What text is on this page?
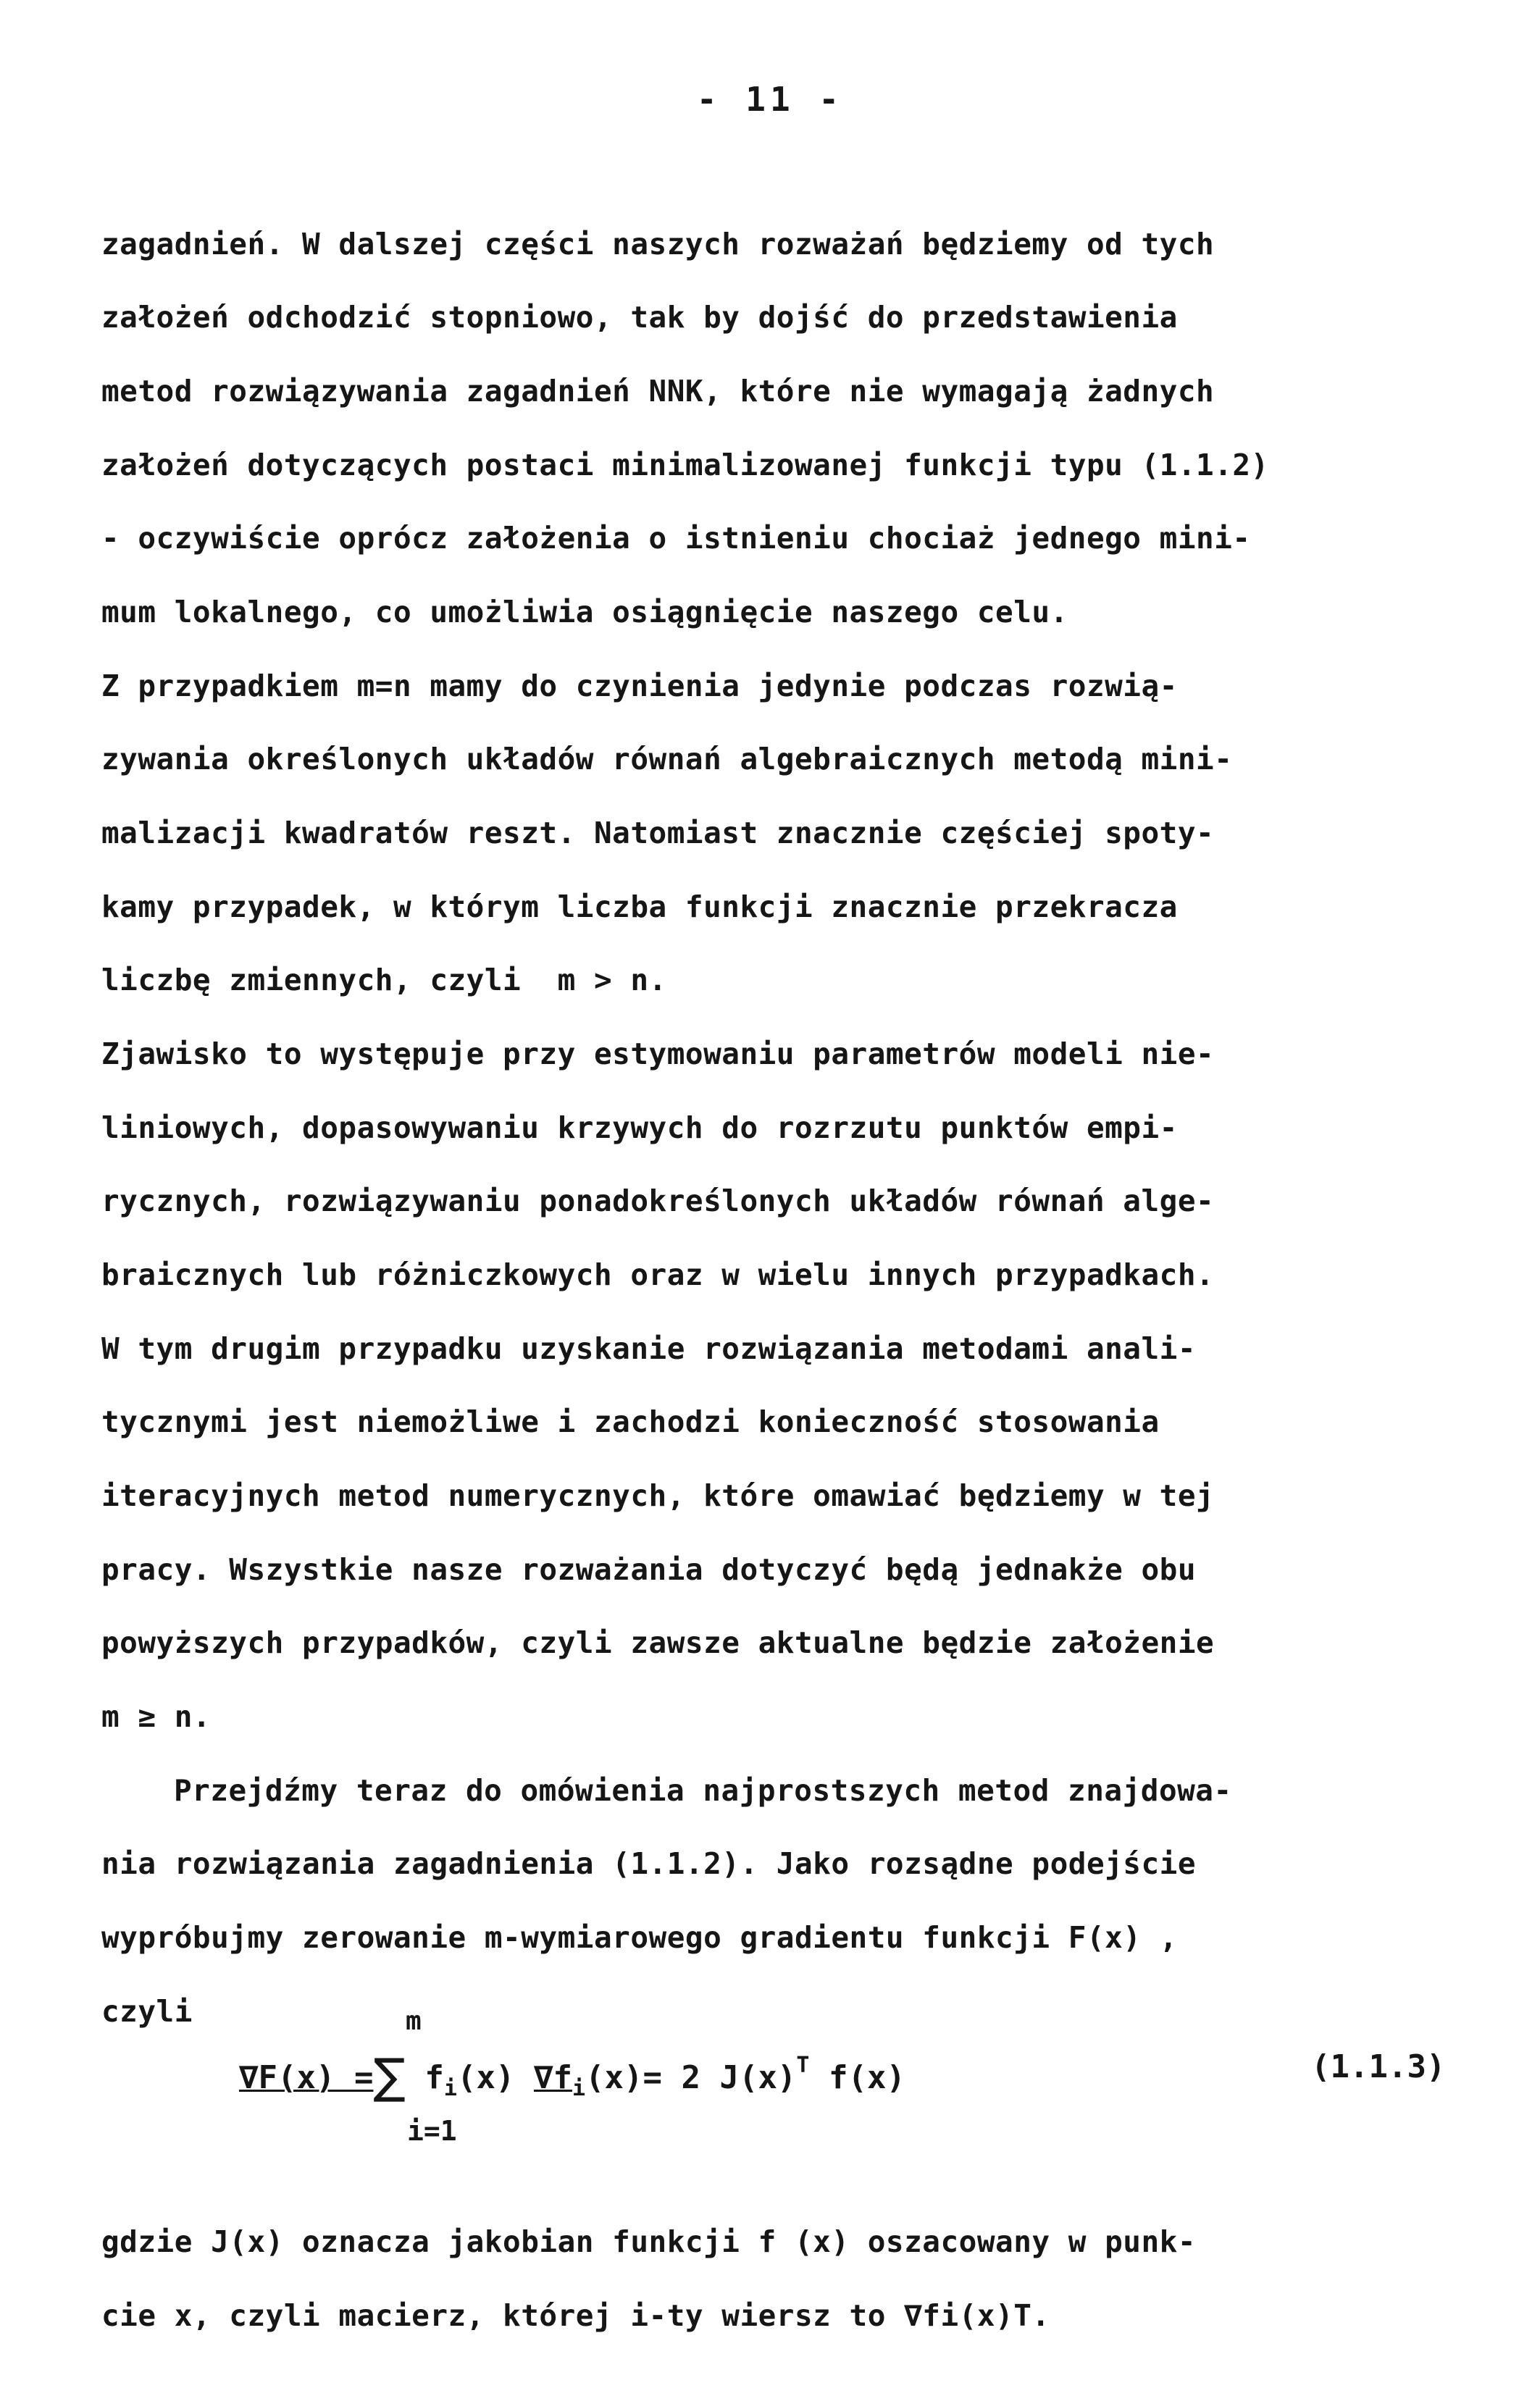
- 11 -
zagadnień. W dalszej części naszych rozważań będziemy od tych
założeń odchodzić stopniowo, tak by dojść do przedstawienia
metod rozwiązywania zagadnień NNK, które nie wymagają żadnych
założeń dotyczących postaci minimalizowanej funkcji typu (1.1.2)
- oczywiście oprócz założenia o istnieniu chociaż jednego mini-
mum lokalnego, co umożliwia osiągnięcie naszego celu.
Z przypadkiem m=n mamy do czynienia jedynie podczas rozwią-
zywania określonych układów równań algebraicznych metodą mini-
malizacji kwadratów reszt. Natomiast znacznie częściej spoty-
kamy przypadek, w którym liczba funkcji znacznie przekracza
liczbę zmiennych, czyli  m > n.
Zjawisko to występuje przy estymowaniu parametrów modeli nie-
liniowych, dopasowywaniu krzywych do rozrzutu punktów empi-
rycznych, rozwiązywaniu ponadokreślonych układów równań alge-
braicznych lub różniczkowych oraz w wielu innych przypadkach.
W tym drugim przypadku uzyskanie rozwiązania metodami anali-
tycznymi jest niemożliwe i zachodzi konieczność stosowania
iteracyjnych metod numerycznych, które omawiać będziemy w tej
pracy. Wszystkie nasze rozważania dotyczyć będą jednakże obu
powyższych przypadków, czyli zawsze aktualne będzie założenie
m ≥ n.
Przejdźmy teraz do omówienia najprostszych metod znajdowa-
nia rozwiązania zagadnienia (1.1.2). Jako rozsądne podejście
wypróbujmy zerowanie m-wymiarowego gradientu funkcji F(x) ,
czyli	m
∇F(x) =∑ $f_i(x)$ $\nabla f_i(x)= 2$ $J(x)^T$ f(x)	(1.1.3)
i=1
gdzie J(x) oznacza jakobian funkcji f (x) oszacowany w punk-
cie x, czyli macierz, której i-ty wiersz to ∇fi(x)T.
